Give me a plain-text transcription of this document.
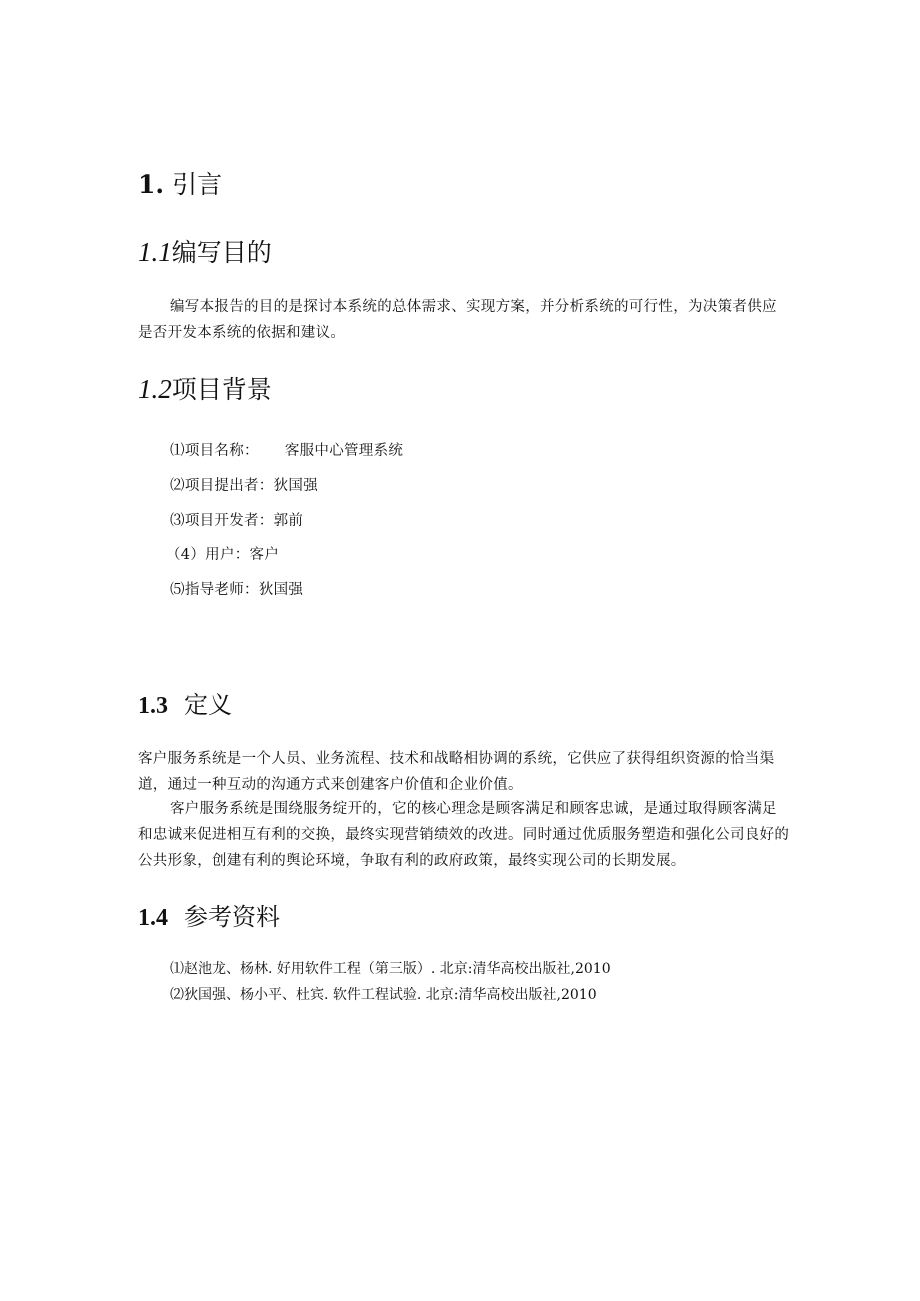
1. 引言
1.1编写目的
编写本报告的目的是探讨本系统的总体需求、实现方案，并分析系统的可行性，为决策者供应是否开发本系统的依据和建议。
1.2项目背景
⑴项目名称： 客服中心管理系统
⑵项目提出者：狄国强
⑶项目开发者：郭前
（4）用户：客户
⑸指导老师：狄国强
1.3 定义
客户服务系统是一个人员、业务流程、技术和战略相协调的系统，它供应了获得组织资源的恰当渠道，通过一种互动的沟通方式来创建客户价值和企业价值。
客户服务系统是围绕服务绽开的，它的核心理念是顾客满足和顾客忠诚，是通过取得顾客满足和忠诚来促进相互有利的交换，最终实现营销绩效的改进。同时通过优质服务塑造和强化公司良好的公共形象，创建有利的舆论环境，争取有利的政府政策，最终实现公司的长期发展。
1.4 参考资料
⑴赵池龙、杨林. 好用软件工程（第三版）. 北京:清华高校出版社,2010
⑵狄国强、杨小平、杜宾. 软件工程试验. 北京:清华高校出版社,2010
